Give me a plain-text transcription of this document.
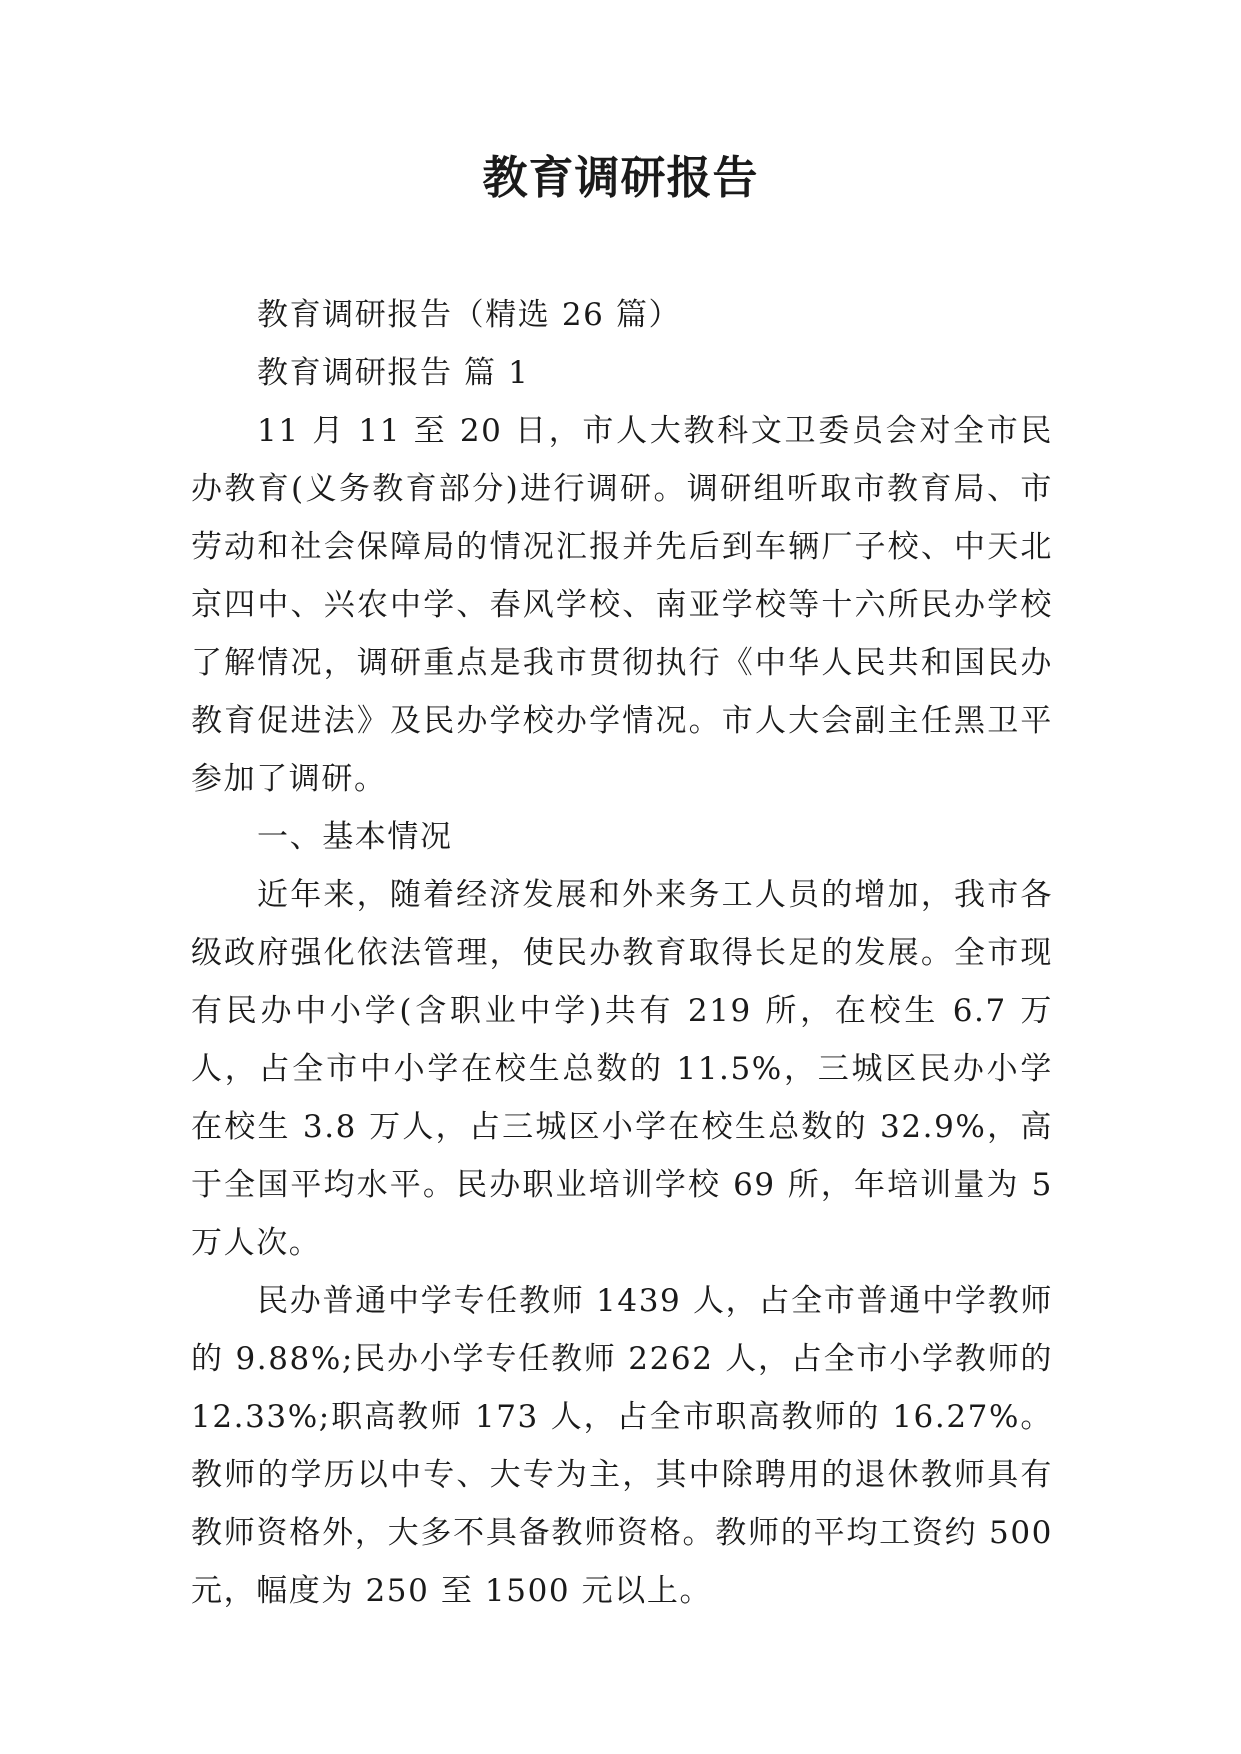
教育调研报告

教育调研报告（精选 26 篇）

教育调研报告 篇 1

11 月 11 至 20 日，市人大教科文卫委员会对全市民办教育(义务教育部分)进行调研。调研组听取市教育局、市劳动和社会保障局的情况汇报并先后到车辆厂子校、中天北京四中、兴农中学、春风学校、南亚学校等十六所民办学校了解情况，调研重点是我市贯彻执行《中华人民共和国民办教育促进法》及民办学校办学情况。市人大会副主任黑卫平参加了调研。

一、基本情况

近年来，随着经济发展和外来务工人员的增加，我市各级政府强化依法管理，使民办教育取得长足的发展。全市现有民办中小学(含职业中学)共有 219 所，在校生 6.7 万人，占全市中小学在校生总数的 11.5%，三城区民办小学在校生 3.8 万人，占三城区小学在校生总数的 32.9%，高于全国平均水平。民办职业培训学校 69 所，年培训量为 5 万人次。

民办普通中学专任教师 1439 人，占全市普通中学教师的 9.88%;民办小学专任教师 2262 人，占全市小学教师的 12.33%;职高教师 173 人，占全市职高教师的 16.27%。教师的学历以中专、大专为主，其中除聘用的退休教师具有教师资格外，大多不具备教师资格。教师的平均工资约 500 元，幅度为 250 至 1500 元以上。
